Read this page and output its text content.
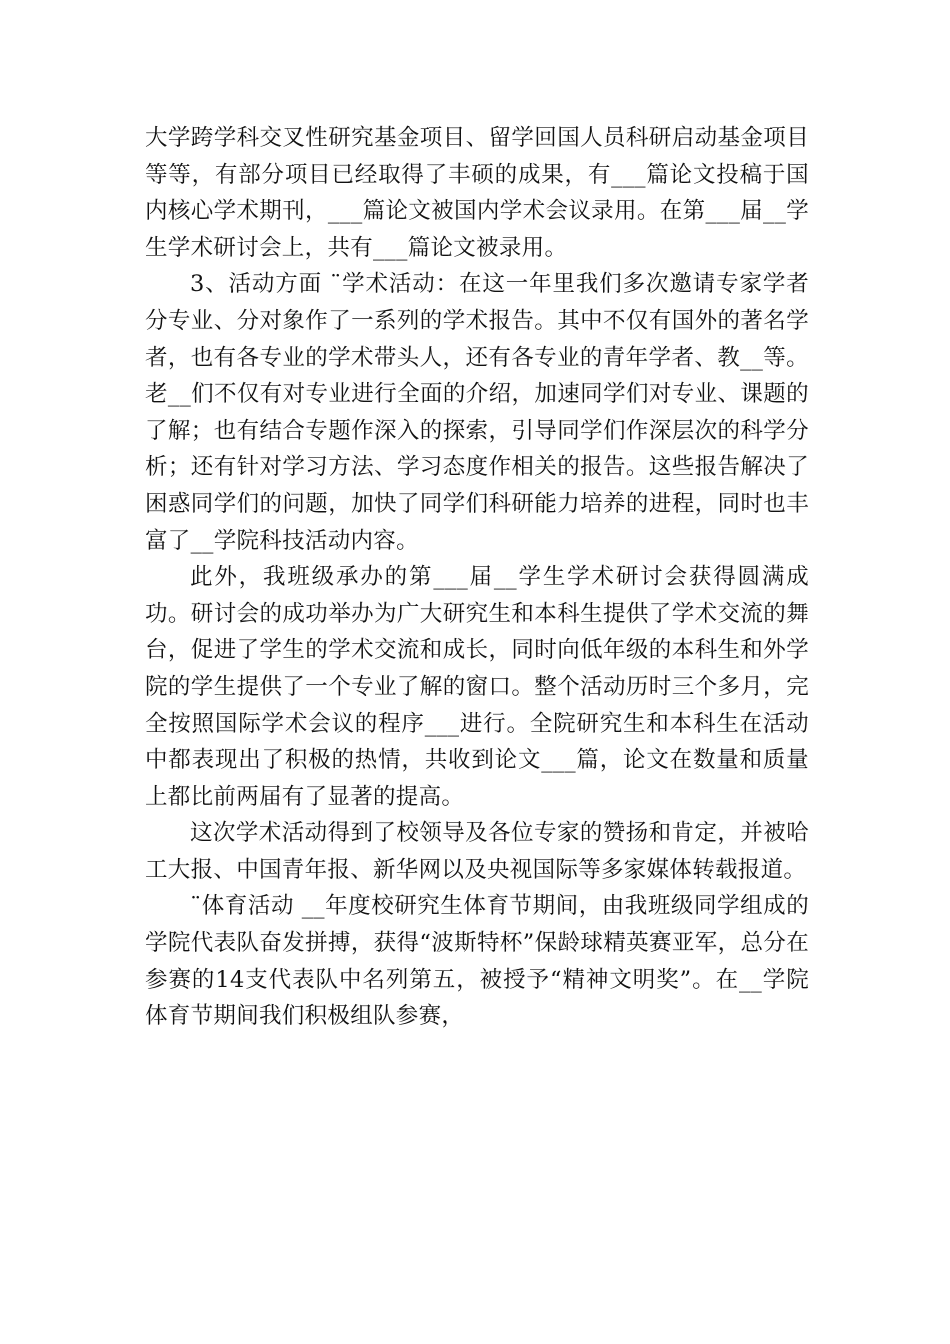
大学跨学科交叉性研究基金项目、留学回国人员科研启动基金项目等等，有部分项目已经取得了丰硕的成果，有___篇论文投稿于国内核心学术期刊，___篇论文被国内学术会议录用。在第___届__学生学术研讨会上，共有___篇论文被录用。

3、活动方面 ¨学术活动：在这一年里我们多次邀请专家学者分专业、分对象作了一系列的学术报告。其中不仅有国外的著名学者，也有各专业的学术带头人，还有各专业的青年学者、教__等。老__们不仅有对专业进行全面的介绍，加速同学们对专业、课题的了解；也有结合专题作深入的探索，引导同学们作深层次的科学分析；还有针对学习方法、学习态度作相关的报告。这些报告解决了困惑同学们的问题，加快了同学们科研能力培养的进程，同时也丰富了__学院科技活动内容。

此外，我班级承办的第___届__学生学术研讨会获得圆满成功。研讨会的成功举办为广大研究生和本科生提供了学术交流的舞台，促进了学生的学术交流和成长，同时向低年级的本科生和外学院的学生提供了一个专业了解的窗口。整个活动历时三个多月，完全按照国际学术会议的程序___进行。全院研究生和本科生在活动中都表现出了积极的热情，共收到论文___篇，论文在数量和质量上都比前两届有了显著的提高。

这次学术活动得到了校领导及各位专家的赞扬和肯定，并被哈工大报、中国青年报、新华网以及央视国际等多家媒体转载报道。

¨体育活动 __年度校研究生体育节期间，由我班级同学组成的学院代表队奋发拼搏，获得“波斯特杯”保龄球精英赛亚军，总分在参赛的14支代表队中名列第五，被授予“精神文明奖”。在__学院体育节期间我们积极组队参赛，
